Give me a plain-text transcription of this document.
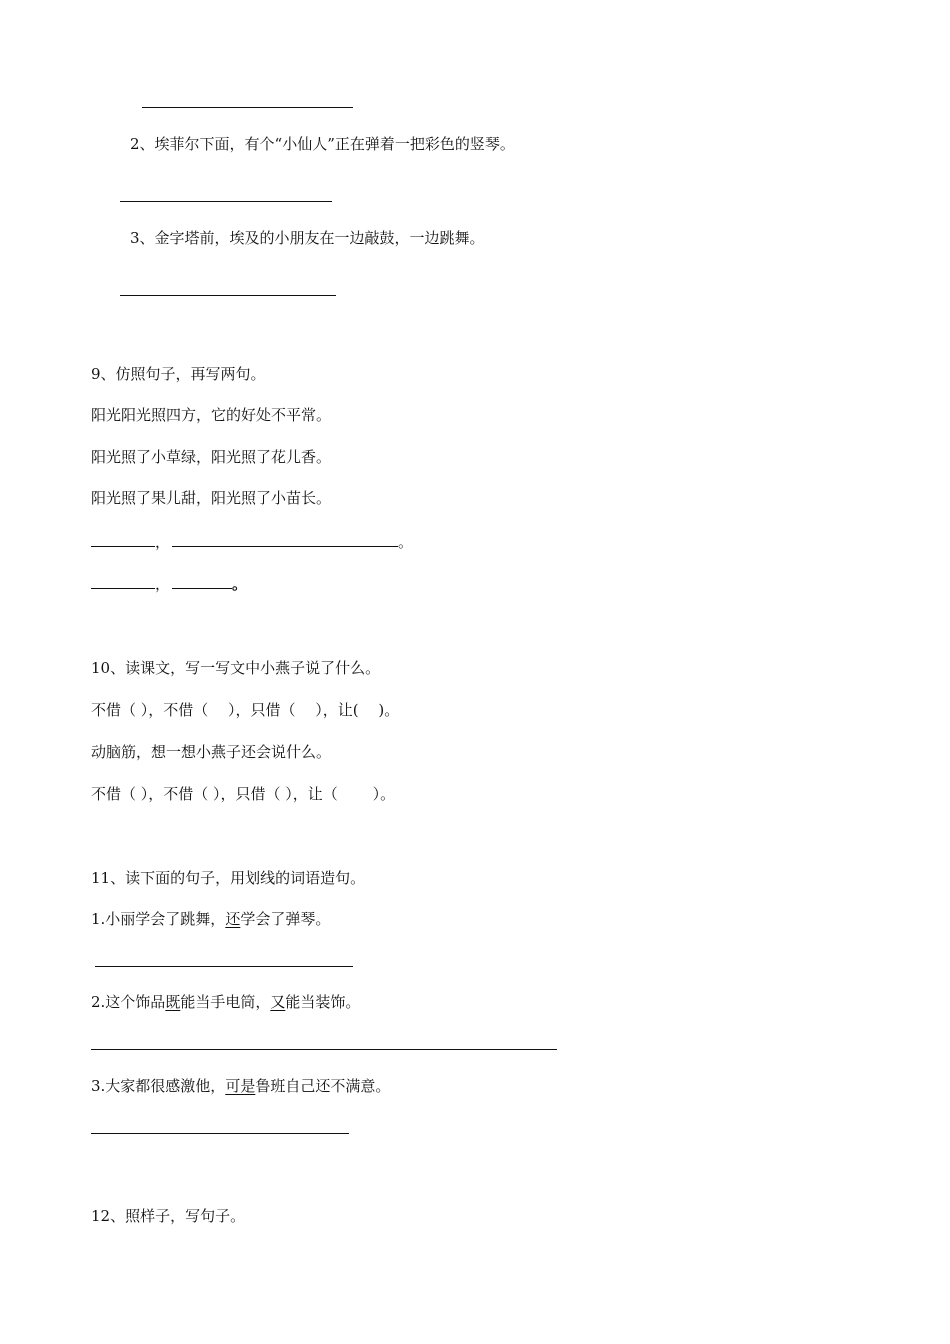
2、埃菲尔下面，有个“小仙人”正在弹着一把彩色的竖琴。
3、金字塔前，埃及的小朋友在一边敲鼓，一边跳舞。
9、仿照句子，再写两句。
阳光阳光照四方，它的好处不平常。
阳光照了小草绿，阳光照了花儿香。
阳光照了果儿甜，阳光照了小苗长。
，	。
，	。
10、读课文，写一写文中小燕子说了什么。
不借（ ），不借（　 ），只借（　 ），让(　 )。
动脑筋，想一想小燕子还会说什么。
不借（ ），不借（ ），只借（ ），让（　　 ）。
11、读下面的句子，用划线的词语造句。
1.小丽学会了跳舞，还学会了弹琴。
2.这个饰品既能当手电筒，又能当装饰。
3.大家都很感激他，可是鲁班自己还不满意。
12、照样子，写句子。
